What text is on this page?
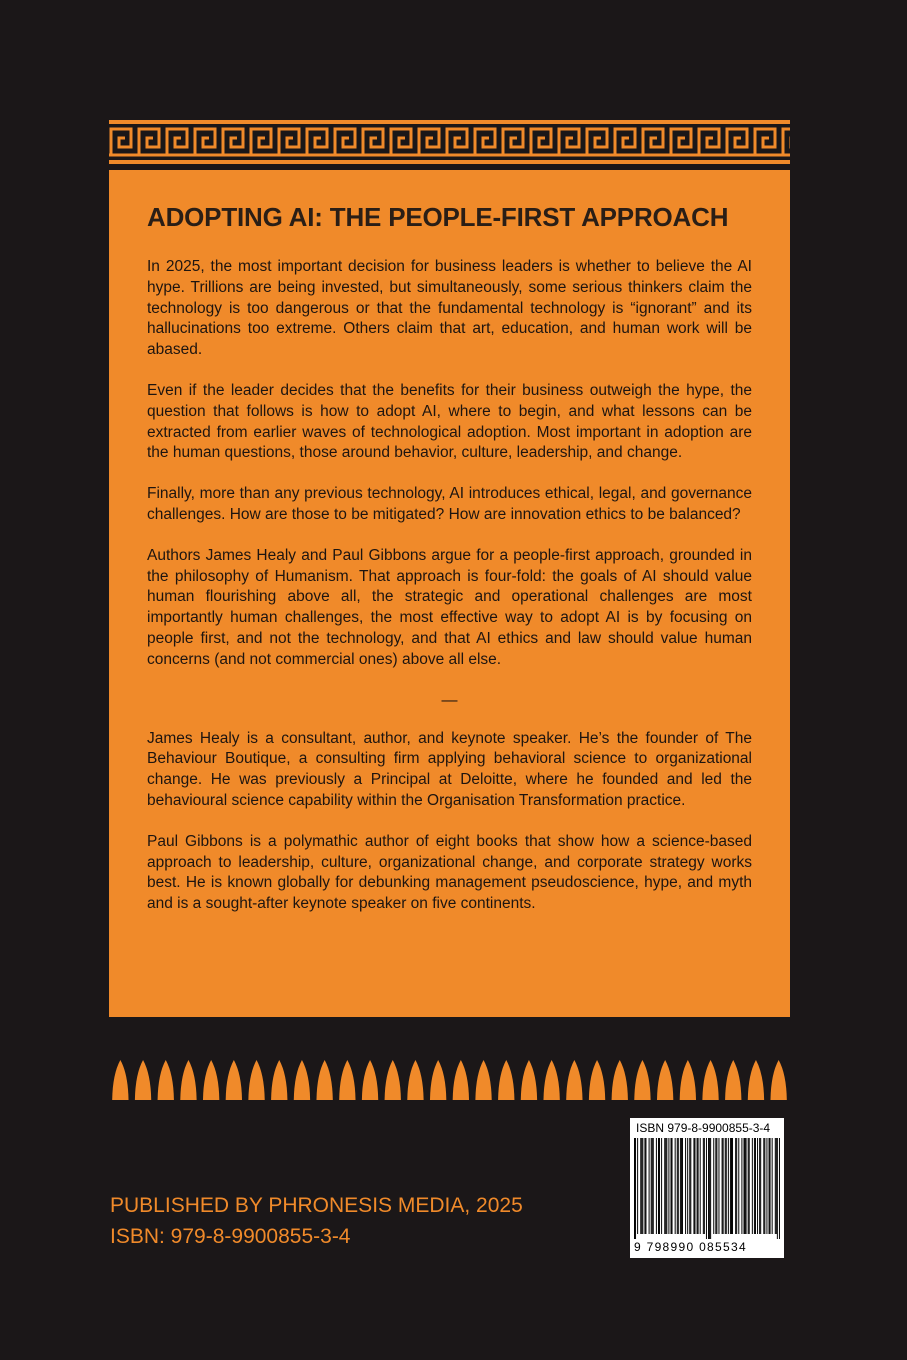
ADOPTING AI: THE PEOPLE-FIRST APPROACH

In 2025, the most important decision for business leaders is whether to believe the AI hype. Trillions are being invested, but simultaneously, some serious thinkers claim the technology is too dangerous or that the fundamental technology is “ignorant” and its hallucinations too extreme. Others claim that art, education, and human work will be abased.

Even if the leader decides that the benefits for their business outweigh the hype, the question that follows is how to adopt AI, where to begin, and what lessons can be extracted from earlier waves of technological adoption. Most important in adoption are the human questions, those around behavior, culture, leadership, and change.

Finally, more than any previous technology, AI introduces ethical, legal, and governance challenges. How are those to be mitigated? How are innovation ethics to be balanced?

Authors James Healy and Paul Gibbons argue for a people-first approach, grounded in the philosophy of Humanism. That approach is four-fold: the goals of AI should value human flourishing above all, the strategic and operational challenges are most importantly human challenges, the most effective way to adopt AI is by focusing on people first, and not the technology, and that AI ethics and law should value human concerns (and not commercial ones) above all else.

—

James Healy is a consultant, author, and keynote speaker. He’s the founder of The Behaviour Boutique, a consulting firm applying behavioral science to organizational change. He was previously a Principal at Deloitte, where he founded and led the behavioural science capability within the Organisation Transformation practice.

Paul Gibbons is a polymathic author of eight books that show how a science-based approach to leadership, culture, organizational change, and corporate strategy works best. He is known globally for debunking management pseudoscience, hype, and myth and is a sought-after keynote speaker on five continents.

PUBLISHED BY PHRONESIS MEDIA, 2025
ISBN: 979-8-9900855-3-4
ISBN 979-8-9900855-3-4
9 798990 085534
